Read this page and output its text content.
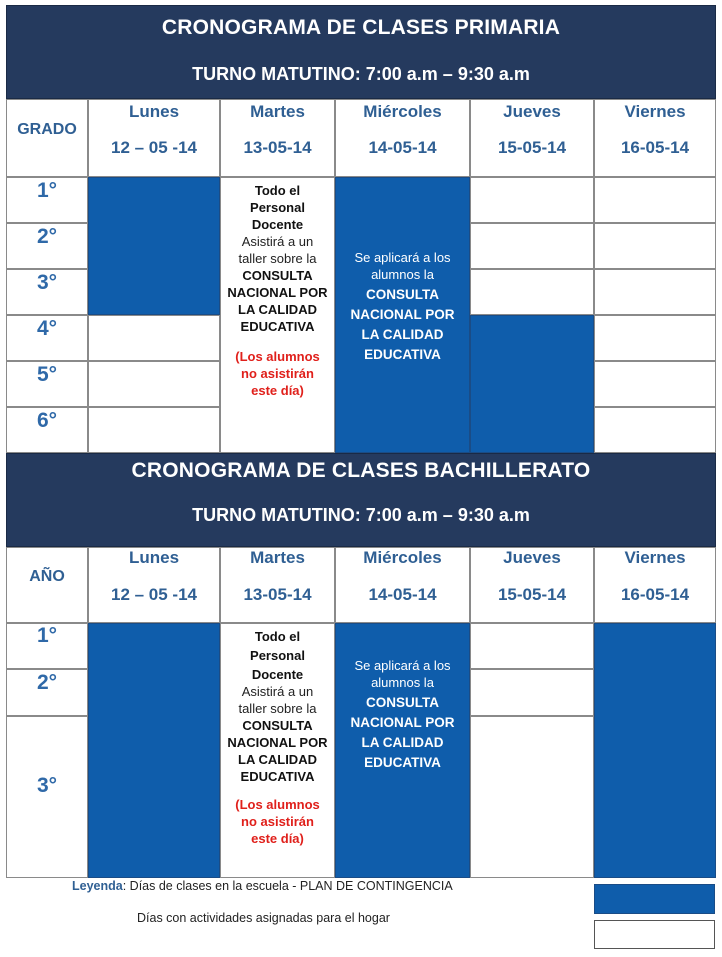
CRONOGRAMA DE CLASES PRIMARIA
TURNO MATUTINO: 7:00 a.m – 9:30 a.m
GRADO
Lunes
12 – 05 -14
Martes
13-05-14
Miércoles
14-05-14
Jueves
15-05-14
Viernes
16-05-14
1°
2°
3°
4°
5°
6°
Todo el
Personal
Docente
Asistirá a un
taller sobre la
CONSULTA
NACIONAL POR
LA CALIDAD
EDUCATIVA
(Los alumnos
no asistirán
este día)
Se aplicará a los
alumnos la
CONSULTA
NACIONAL POR
LA CALIDAD
EDUCATIVA
CRONOGRAMA DE CLASES BACHILLERATO
TURNO MATUTINO: 7:00 a.m – 9:30 a.m
AÑO
Lunes
12 – 05 -14
Martes
13-05-14
Miércoles
14-05-14
Jueves
15-05-14
Viernes
16-05-14
1°
2°
3°
Todo el
Personal
Docente
Asistirá a un
taller sobre la
CONSULTA
NACIONAL POR
LA CALIDAD
EDUCATIVA
(Los alumnos
no asistirán
este día)
Se aplicará a los
alumnos la
CONSULTA
NACIONAL POR
LA CALIDAD
EDUCATIVA
Leyenda: Días de clases en la escuela - PLAN DE CONTINGENCIA
Días con actividades asignadas para el hogar
